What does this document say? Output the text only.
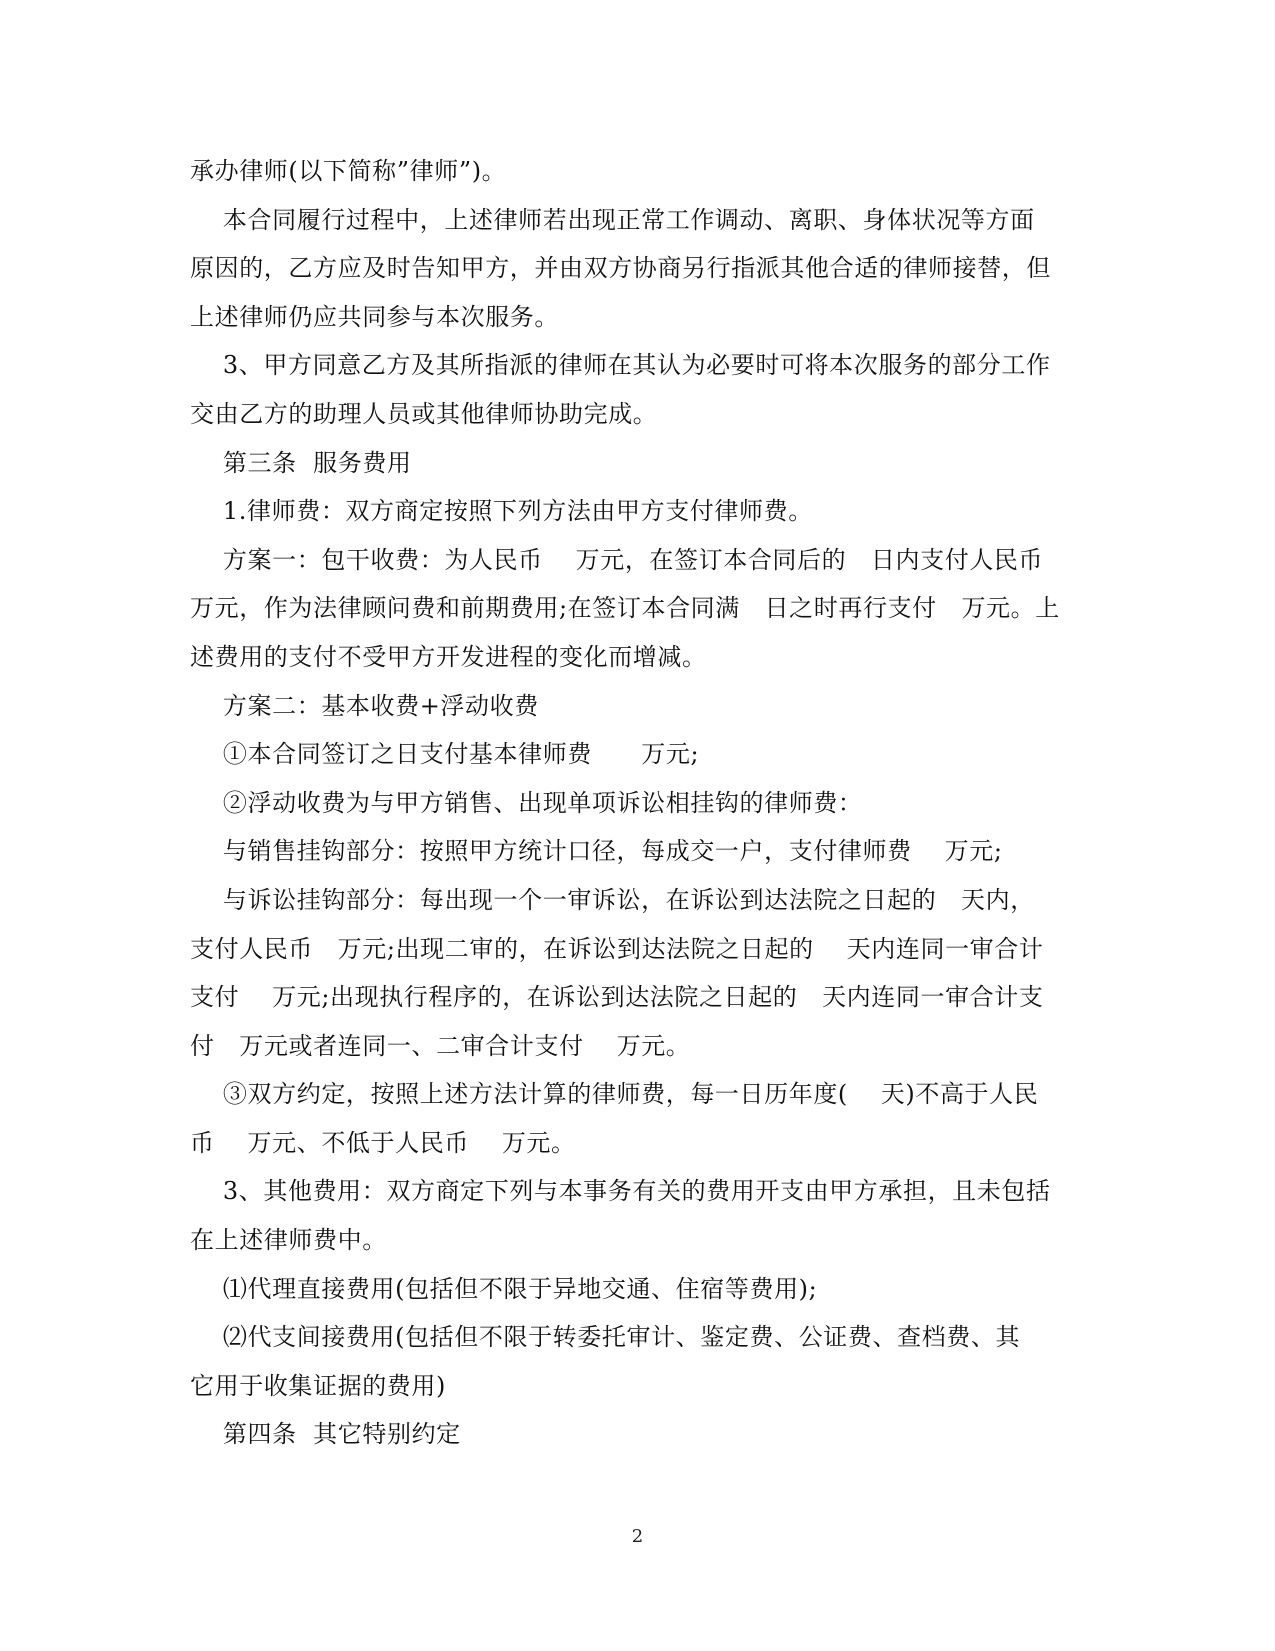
承办律师(以下简称”律师”)。
本合同履行过程中，上述律师若出现正常工作调动、离职、身体状况等方面
原因的，乙方应及时告知甲方，并由双方协商另行指派其他合适的律师接替，但
上述律师仍应共同参与本次服务。
3、甲方同意乙方及其所指派的律师在其认为必要时可将本次服务的部分工作
交由乙方的助理人员或其他律师协助完成。
第三条  服务费用
1.律师费：双方商定按照下列方法由甲方支付律师费。
方案一：包干收费：为人民币    万元，在签订本合同后的   日内支付人民币
万元，作为法律顾问费和前期费用;在签订本合同满   日之时再行支付   万元。上
述费用的支付不受甲方开发进程的变化而增减。
方案二：基本收费+浮动收费
①本合同签订之日支付基本律师费      万元;
②浮动收费为与甲方销售、出现单项诉讼相挂钩的律师费：
与销售挂钩部分：按照甲方统计口径，每成交一户，支付律师费    万元;
与诉讼挂钩部分：每出现一个一审诉讼，在诉讼到达法院之日起的   天内，
支付人民币   万元;出现二审的，在诉讼到达法院之日起的    天内连同一审合计
支付    万元;出现执行程序的，在诉讼到达法院之日起的   天内连同一审合计支
付   万元或者连同一、二审合计支付    万元。
③双方约定，按照上述方法计算的律师费，每一日历年度(    天)不高于人民
币    万元、不低于人民币    万元。
3、其他费用：双方商定下列与本事务有关的费用开支由甲方承担，且未包括
在上述律师费中。
⑴代理直接费用(包括但不限于异地交通、住宿等费用);
⑵代支间接费用(包括但不限于转委托审计、鉴定费、公证费、查档费、其
它用于收集证据的费用)
第四条  其它特别约定
2
